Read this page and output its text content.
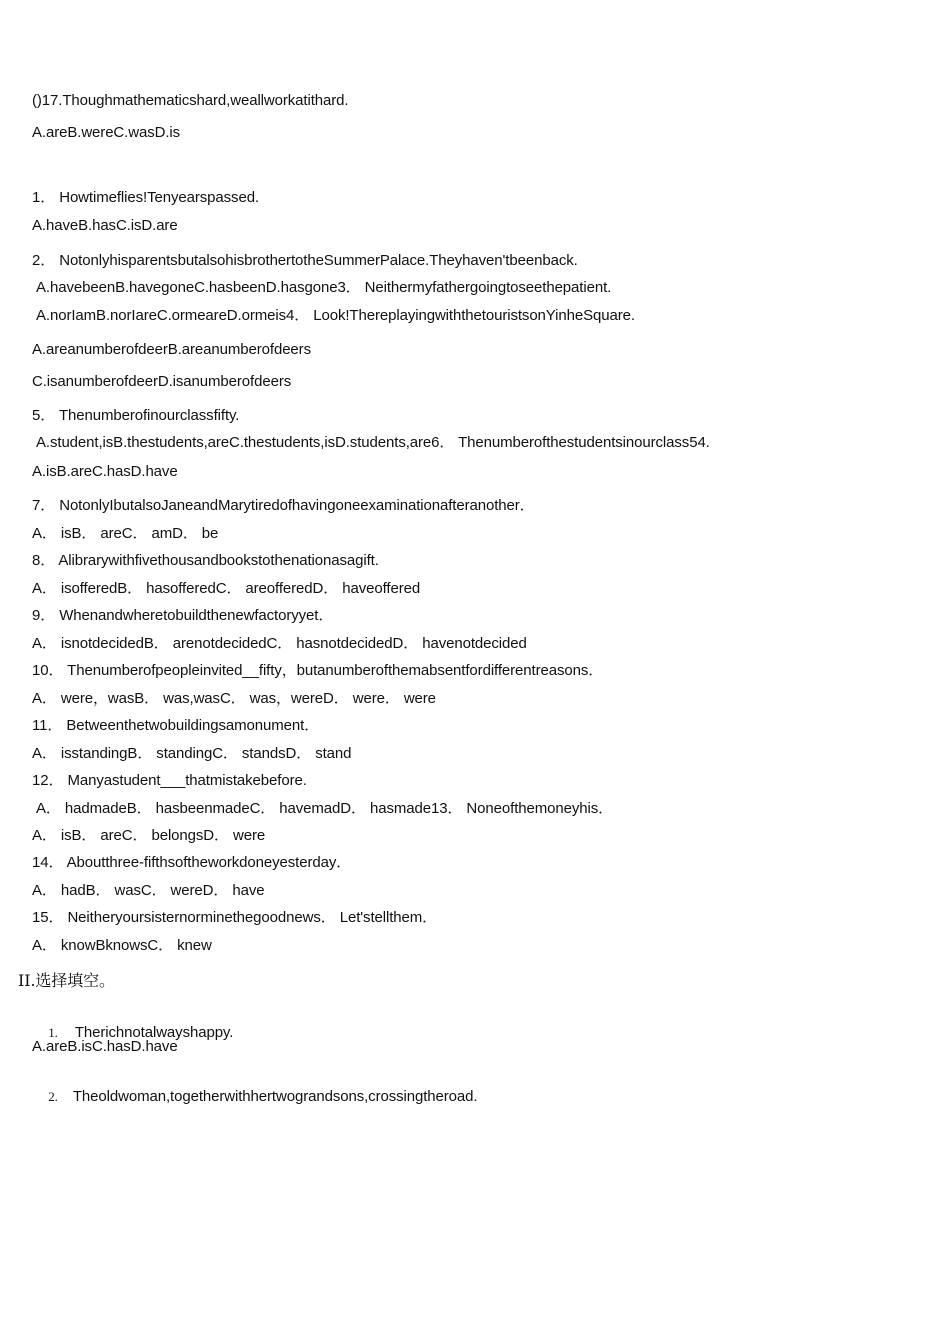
()17.Thoughmathematicshard,weallworkatithard.
A.areB.wereC.wasD.is
1． Howtimeflies!Tenyearspassed.
A.haveB.hasC.isD.are
2． NotonlyhisparentsbutalsohisbrothertotheSummerPalace.Theyhaven'tbeenback.
A.havebeenB.havegoneC.hasbeenD.hasgone3． Neithermyfathergoingtoseethepatient.
A.norIamB.norIareC.ormeareD.ormeis4． Look!ThereplayingwiththetouristsonYinheSquare.
A.areanumberofdeerB.areanumberofdeers
C.isanumberofdeerD.isanumberofdeers
5． Thenumberofinourclassfifty.
A.student,isB.thestudents,areC.thestudents,isD.students,are6． Thenumberofthestudentsinourclass54.
A.isB.areC.hasD.have
7． NotonlyIbutalsoJaneandMarytiredofhavingoneexaminationafteranother．
A． isB． areC． amD． be
8． Alibrarywithfivethousandbookstothenationasagift.
A． isofferedB． hasofferedC． areofferedD． haveoffered
9． Whenandwheretobuildthenewfactoryyet．
A． isnotdecidedB． arenotdecidedC． hasnotdecidedD． havenotdecided
10． Thenumberofpeopleinvited__fifty，butanumberofthemabsentfordifferentreasons．
A． were，wasB． was,wasC． was，wereD． were． were
11． Betweenthetwobuildingsamonument．
A． isstandingB． standingC． standsD． stand
12． Manyastudent___thatmistakebefore.
A． hadmadeB． hasbeenmadeC． havemadD． hasmade13． Noneofthemoneyhis．
A． isB． areC． belongsD． were
14． Aboutthree-fifthsoftheworkdoneyesterday．
A． hadB． wasC． wereD． have
15． Neitheryoursisternorminethegoodnews． Let'stellthem．
A． knowBknowsC． knew
II.选择填空。

1. Therichnotalwayshappy.

A.areB.isC.hasD.have

2. Theoldwoman,togetherwithhertwograndsons,crossingtheroad.
